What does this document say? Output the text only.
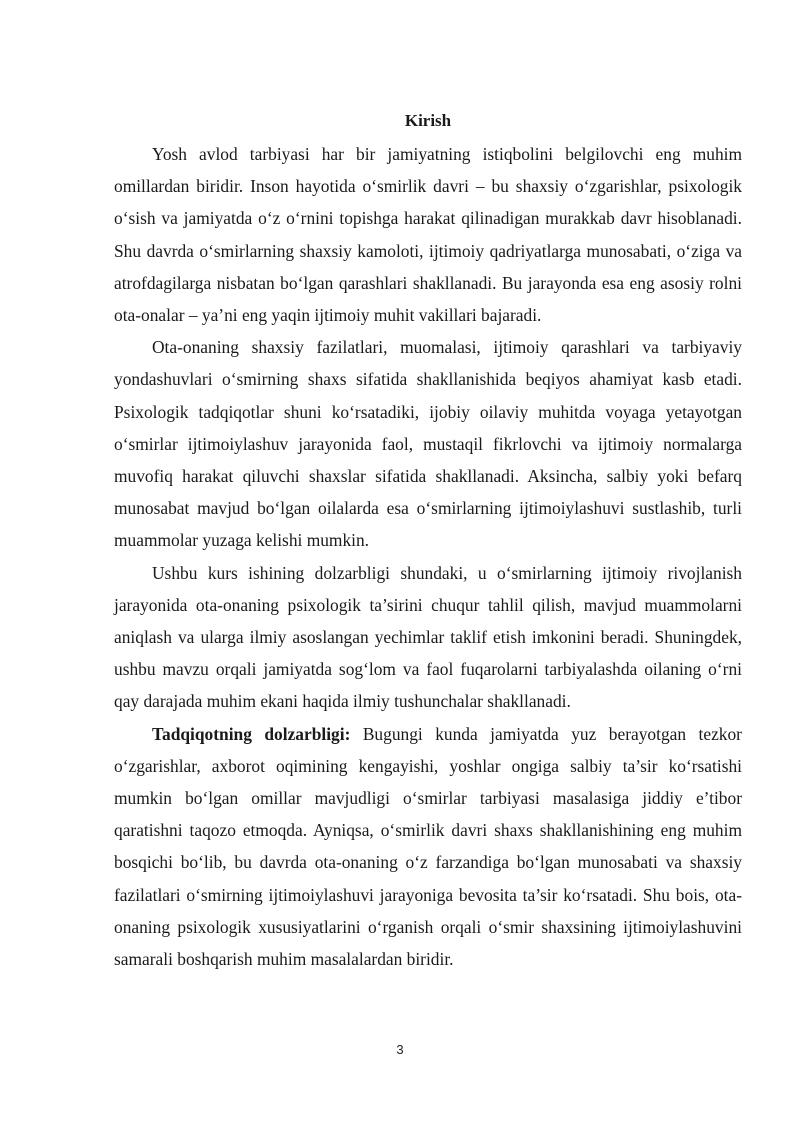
Kirish

Yosh avlod tarbiyasi har bir jamiyatning istiqbolini belgilovchi eng muhim omillardan biridir. Inson hayotida o‘smirlik davri – bu shaxsiy o‘zgarishlar, psixologik o‘sish va jamiyatda o‘z o‘rnini topishga harakat qilinadigan murakkab davr hisoblanadi. Shu davrda o‘smirlarning shaxsiy kamoloti, ijtimoiy qadriyatlarga munosabati, o‘ziga va atrofdagilarga nisbatan bo‘lgan qarashlari shakllanadi. Bu jarayonda esa eng asosiy rolni ota-onalar – ya’ni eng yaqin ijtimoiy muhit vakillari bajaradi.

Ota-onaning shaxsiy fazilatlari, muomalasi, ijtimoiy qarashlari va tarbiyaviy yondashuvlari o‘smirning shaxs sifatida shakllanishida beqiyos ahamiyat kasb etadi. Psixologik tadqiqotlar shuni ko‘rsatadiki, ijobiy oilaviy muhitda voyaga yetayotgan o‘smirlar ijtimoiylashuv jarayonida faol, mustaqil fikrlovchi va ijtimoiy normalarga muvofiq harakat qiluvchi shaxslar sifatida shakllanadi. Aksincha, salbiy yoki befarq munosabat mavjud bo‘lgan oilalarda esa o‘smirlarning ijtimoiylashuvi sustlashib, turli muammolar yuzaga kelishi mumkin.

Ushbu kurs ishining dolzarbligi shundaki, u o‘smirlarning ijtimoiy rivojlanish jarayonida ota-onaning psixologik ta’sirini chuqur tahlil qilish, mavjud muammolarni aniqlash va ularga ilmiy asoslangan yechimlar taklif etish imkonini beradi. Shuningdek, ushbu mavzu orqali jamiyatda sog‘lom va faol fuqarolarni tarbiyalashda oilaning o‘rni qay darajada muhim ekani haqida ilmiy tushunchalar shakllanadi.

Tadqiqotning dolzarbligi: Bugungi kunda jamiyatda yuz berayotgan tezkor o‘zgarishlar, axborot oqimining kengayishi, yoshlar ongiga salbiy ta’sir ko‘rsatishi mumkin bo‘lgan omillar mavjudligi o‘smirlar tarbiyasi masalasiga jiddiy e’tibor qaratishni taqozo etmoqda. Ayniqsa, o‘smirlik davri shaxs shakllanishining eng muhim bosqichi bo‘lib, bu davrda ota-onaning o‘z farzandiga bo‘lgan munosabati va shaxsiy fazilatlari o‘smirning ijtimoiylashuvi jarayoniga bevosita ta’sir ko‘rsatadi. Shu bois, ota-onaning psixologik xususiyatlarini o‘rganish orqali o‘smir shaxsining ijtimoiylashuvini samarali boshqarish muhim masalalardan biridir.

3
